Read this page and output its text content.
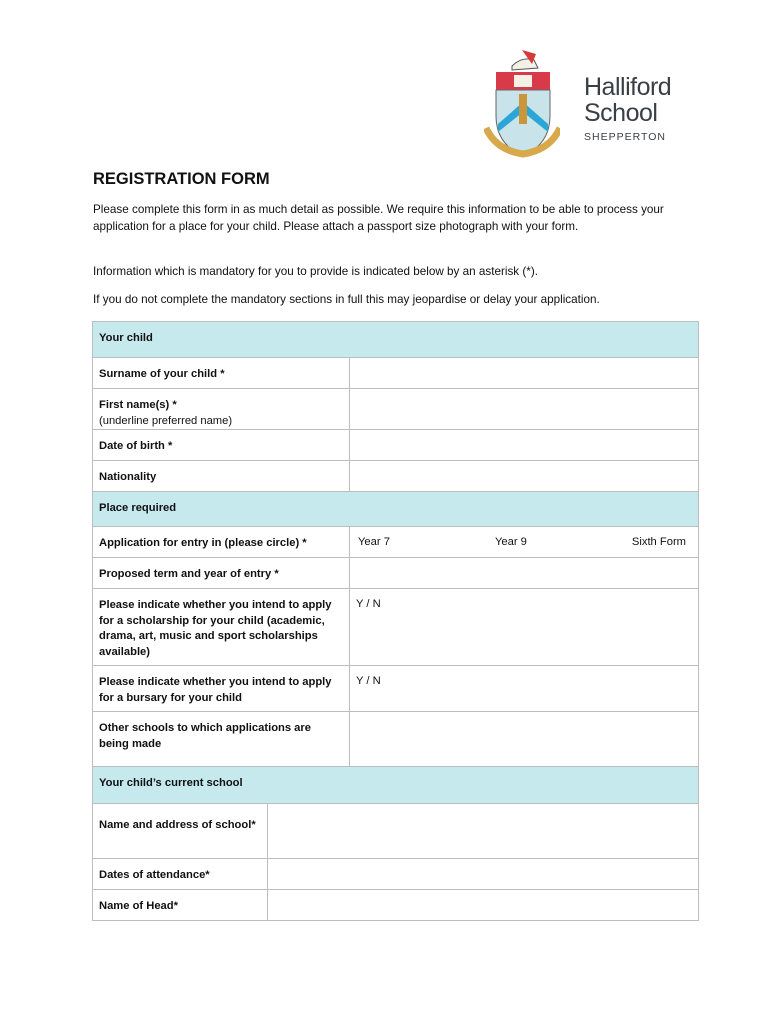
Halliford
School
SHEPPERTON
REGISTRATION FORM
Please complete this form in as much detail as possible. We require this information to be able to process your application for a place for your child. Please attach a passport size photograph with your form.
Information which is mandatory for you to provide is indicated below by an asterisk (*).
If you do not complete the mandatory sections in full this may jeopardise or delay your application.
Your child		
Surname of your child *		
First name(s) *
(underline preferred name)		
Date of birth *		
Nationality		
Place required		
Application for entry in (please circle) *		Year 7 Year 9 Sixth Form

Proposed term and year of entry *		
Please indicate whether you intend to apply for a scholarship for your child (academic, drama, art, music and sport scholarships available)		Y / N
Please indicate whether you intend to apply for a bursary for your child		Y / N
Other schools to which applications are being made		
Your child’s current school		
Name and address of school*		
Dates of attendance*		
Name of Head*		
